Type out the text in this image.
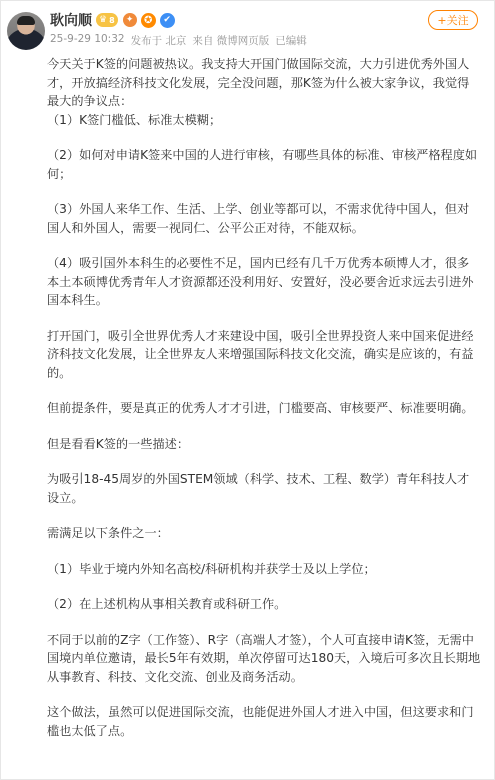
耿向顺 ♛ 8	✦	✪	✔
25-9-29 10:32 发布于 北京 来自 微博网页版 已编辑
+关注
今天关于K签的问题被热议。我支持大开国门做国际交流，大力引进优秀外国人才，开放搞经济科技文化发展，完全没问题，那K签为什么被大家争议，我觉得最大的争议点：
（1）K签门槛低、标准太模糊；
（2）如何对申请K签来中国的人进行审核，有哪些具体的标准、审核严格程度如何；
（3）外国人来华工作、生活、上学、创业等都可以，不需求优待中国人，但对国人和外国人，需要一视同仁、公平公正对待，不能双标。
（4）吸引国外本科生的必要性不足，国内已经有几千万优秀本硕博人才，很多本土本硕博优秀青年人才资源都还没利用好、安置好，没必要舍近求远去引进外国本科生。
打开国门，吸引全世界优秀人才来建设中国，吸引全世界投资人来中国来促进经济科技文化发展，让全世界友人来增强国际科技文化交流，确实是应该的，有益的。
但前提条件，要是真正的优秀人才才引进，门槛要高、审核要严、标准要明确。
但是看看K签的一些描述：
为吸引18-45周岁的外国STEM领域（科学、技术、工程、数学）青年科技人才设立。
需满足以下条件之一：
（1）毕业于境内外知名高校/科研机构并获学士及以上学位；
（2）在上述机构从事相关教育或科研工作。
不同于以前的Z字（工作签）、R字（高端人才签），个人可直接申请K签，无需中国境内单位邀请，最长5年有效期，单次停留可达180天，入境后可多次且长期地从事教育、科技、文化交流、创业及商务活动。
这个做法，虽然可以促进国际交流，也能促进外国人才进入中国，但这要求和门槛也太低了点。
